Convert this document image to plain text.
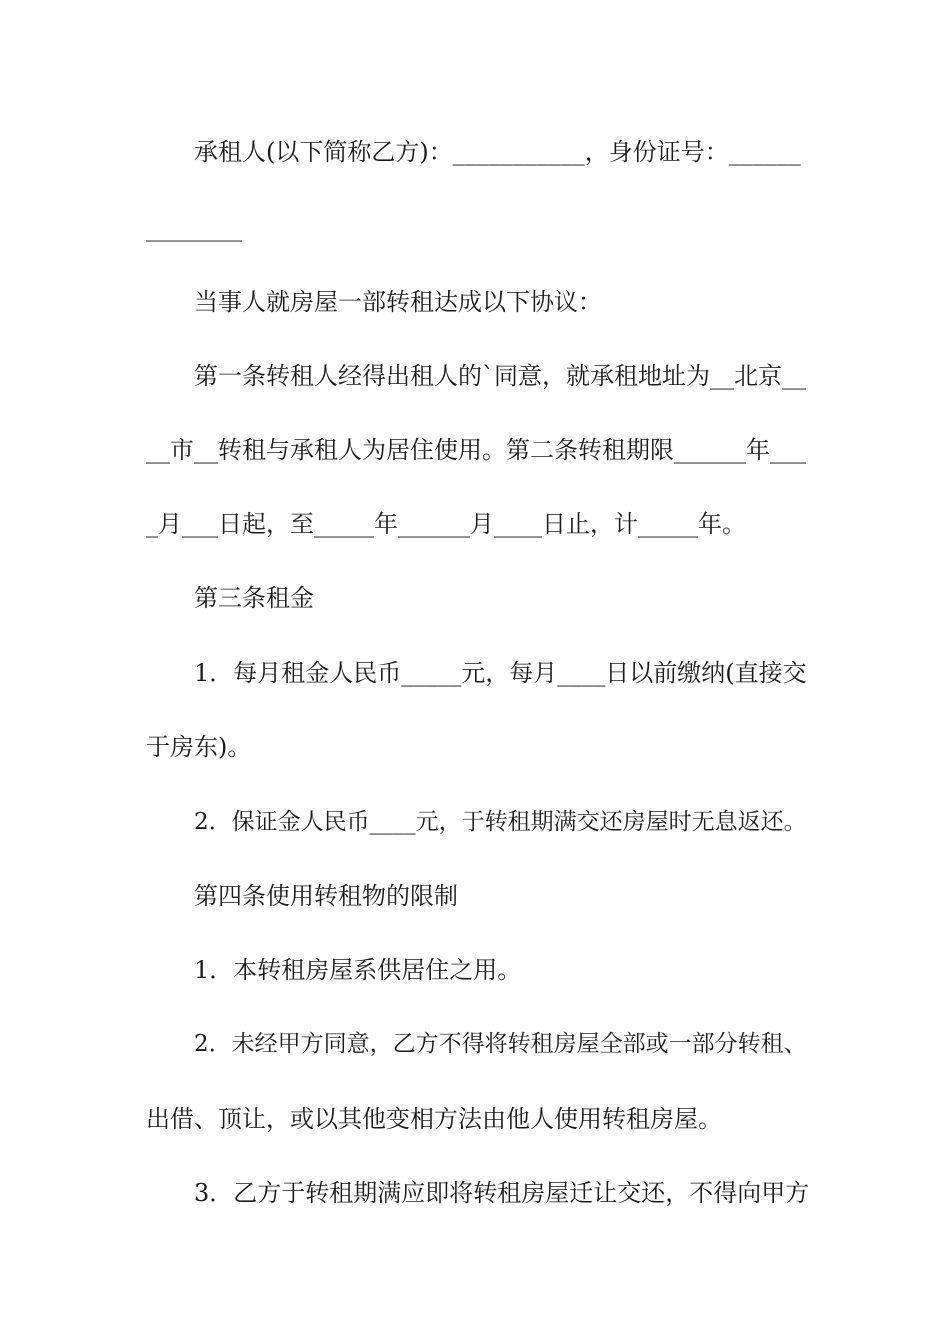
承租人(以下简称乙方)：___________，身份证号：______
________
当事人就房屋一部转租达成以下协议：
第一条转租人经得出租人的`同意，就承租地址为__北京__
__市__转租与承租人为居住使用。第二条转租期限______年___
_月___日起，至_____年______月____日止，计_____年。
第三条租金
1．每月租金人民币_____元，每月____日以前缴纳(直接交
于房东)。
2．保证金人民币____元，于转租期满交还房屋时无息返还。
第四条使用转租物的限制
1．本转租房屋系供居住之用。
2．未经甲方同意，乙方不得将转租房屋全部或一部分转租、
出借、顶让，或以其他变相方法由他人使用转租房屋。
3．乙方于转租期满应即将转租房屋迁让交还，不得向甲方
